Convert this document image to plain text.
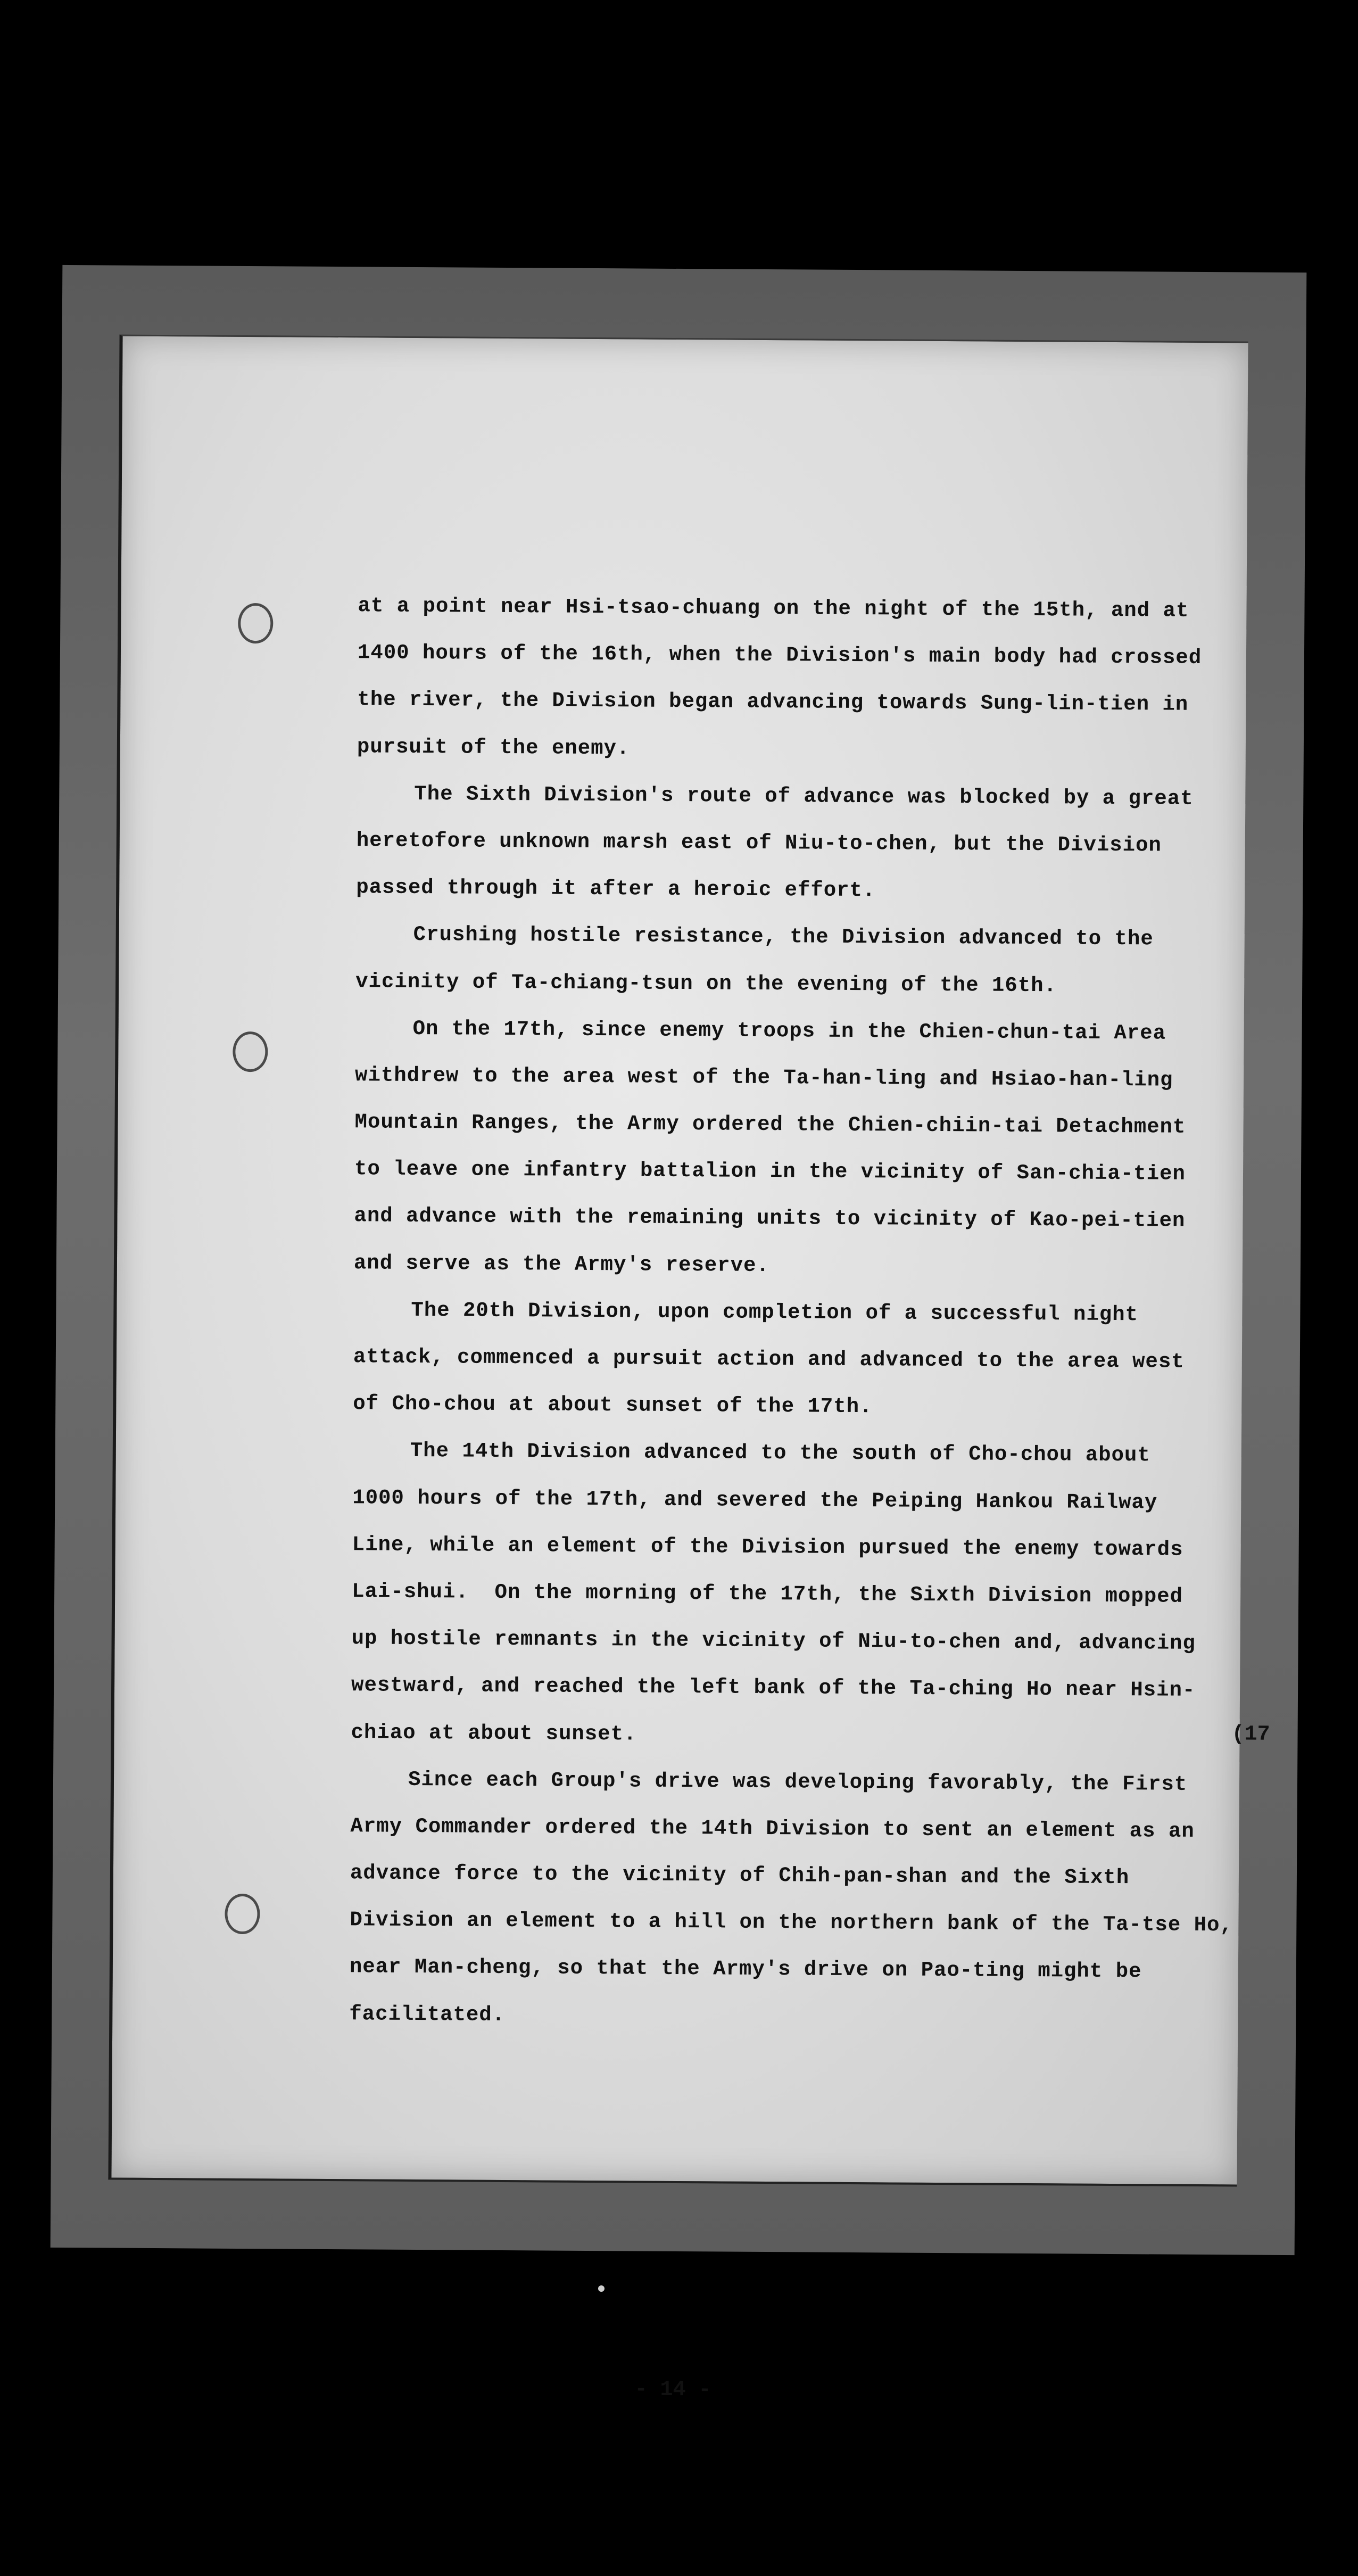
at a point near Hsi-tsao-chuang on the night of the 15th, and at
1400 hours of the 16th, when the Division's main body had crossed
the river, the Division began advancing towards Sung-lin-tien in
pursuit of the enemy.
The Sixth Division's route of advance was blocked by a great
heretofore unknown marsh east of Niu-to-chen, but the Division
passed through it after a heroic effort.
Crushing hostile resistance, the Division advanced to the
vicinity of Ta-chiang-tsun on the evening of the 16th.
On the 17th, since enemy troops in the Chien-chun-tai Area
withdrew to the area west of the Ta-han-ling and Hsiao-han-ling
Mountain Ranges, the Army ordered the Chien-chiin-tai Detachment
to leave one infantry battalion in the vicinity of San-chia-tien
and advance with the remaining units to vicinity of Kao-pei-tien
and serve as the Army's reserve.
The 20th Division, upon completion of a successful night
attack, commenced a pursuit action and advanced to the area west
of Cho-chou at about sunset of the 17th.
The 14th Division advanced to the south of Cho-chou about
1000 hours of the 17th, and severed the Peiping Hankou Railway
Line, while an element of the Division pursued the enemy towards
Lai-shui.  On the morning of the 17th, the Sixth Division mopped
up hostile remnants in the vicinity of Niu-to-chen and, advancing
westward, and reached the left bank of the Ta-ching Ho near Hsin-
chiao at about sunset.
Since each Group's drive was developing favorably, the First
Army Commander ordered the 14th Division to sent an element as an
advance force to the vicinity of Chih-pan-shan and the Sixth
Division an element to a hill on the northern bank of the Ta-tse Ho,
near Man-cheng, so that the Army's drive on Pao-ting might be
facilitated.
(17
- 14 -
